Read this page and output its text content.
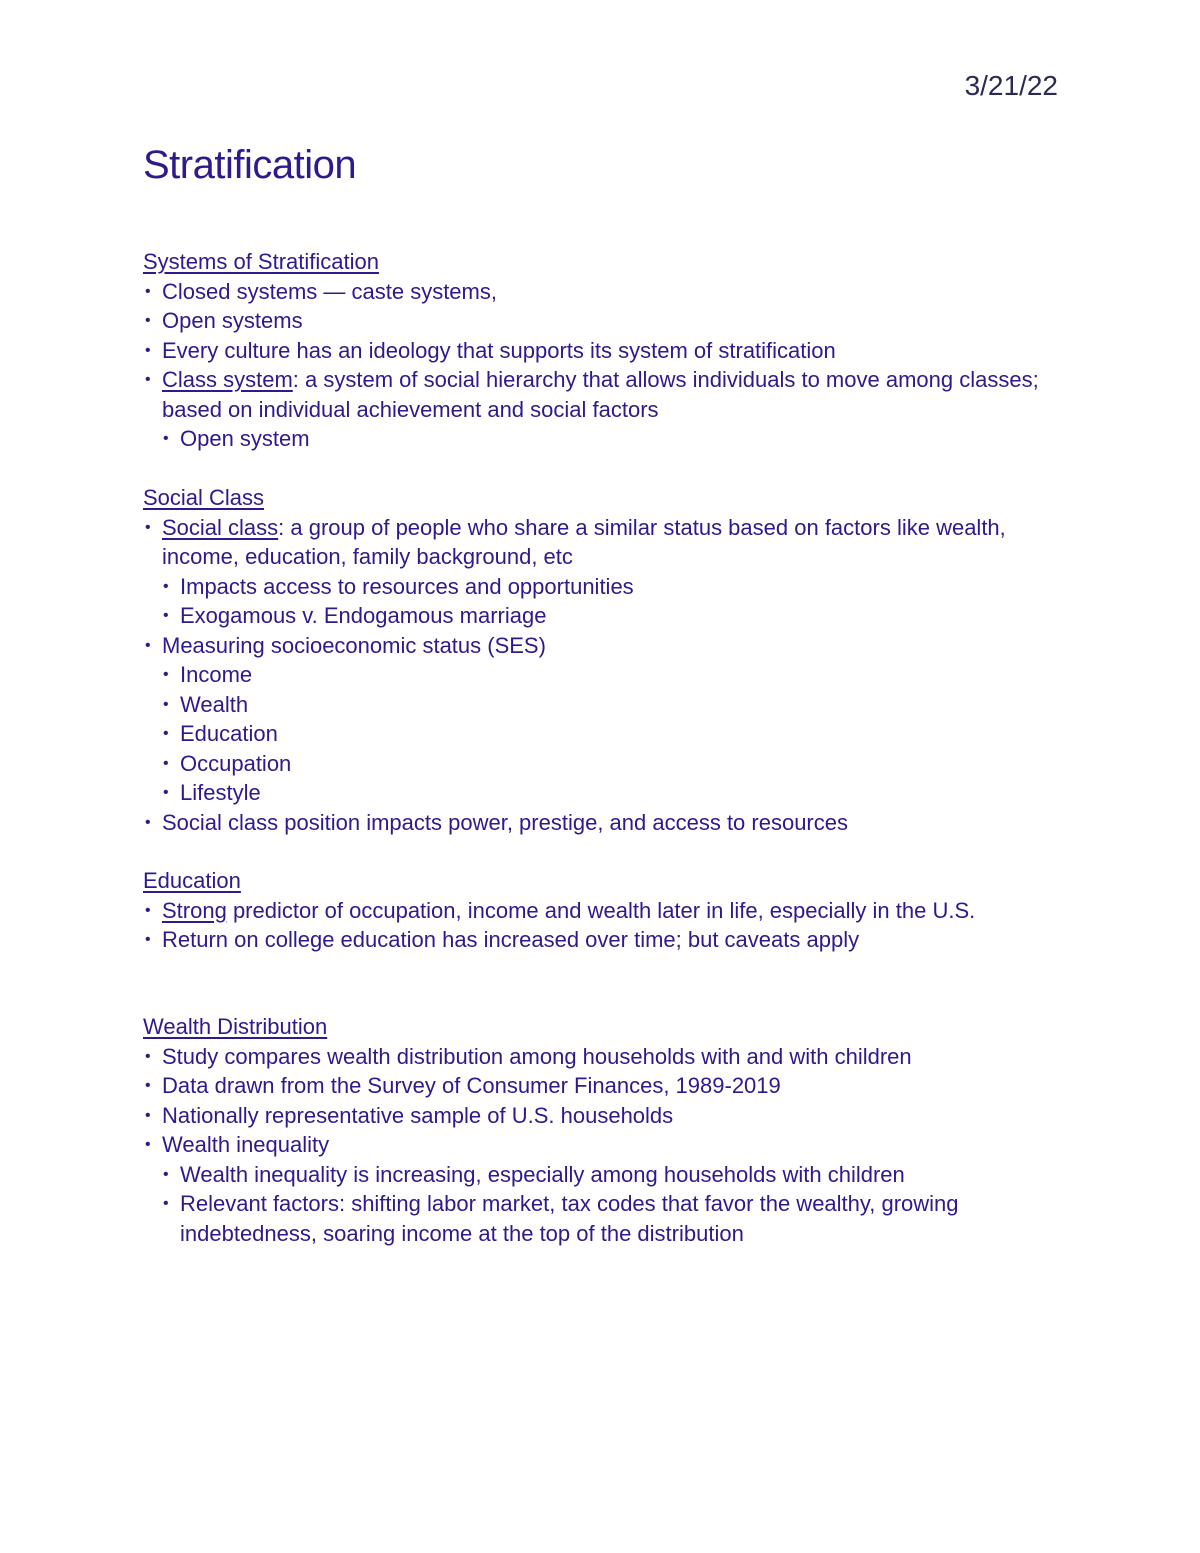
3/21/22
Stratification
Systems of Stratification
• Closed systems — caste systems,
• Open systems
• Every culture has an ideology that supports its system of stratification
• Class system: a system of social hierarchy that allows individuals to move among classes; based on individual achievement and social factors
• Open system
Social Class
• Social class: a group of people who share a similar status based on factors like wealth, income, education, family background, etc
• Impacts access to resources and opportunities
• Exogamous v. Endogamous marriage
• Measuring socioeconomic status (SES)
• Income
• Wealth
• Education
• Occupation
• Lifestyle
• Social class position impacts power, prestige, and access to resources
Education
• Strong predictor of occupation, income and wealth later in life, especially in the U.S.
• Return on college education has increased over time; but caveats apply
Wealth Distribution
• Study compares wealth distribution among households with and with children
• Data drawn from the Survey of Consumer Finances, 1989-2019
• Nationally representative sample of U.S. households
• Wealth inequality
• Wealth inequality is increasing, especially among households with children
• Relevant factors: shifting labor market, tax codes that favor the wealthy, growing indebtedness, soaring income at the top of the distribution
